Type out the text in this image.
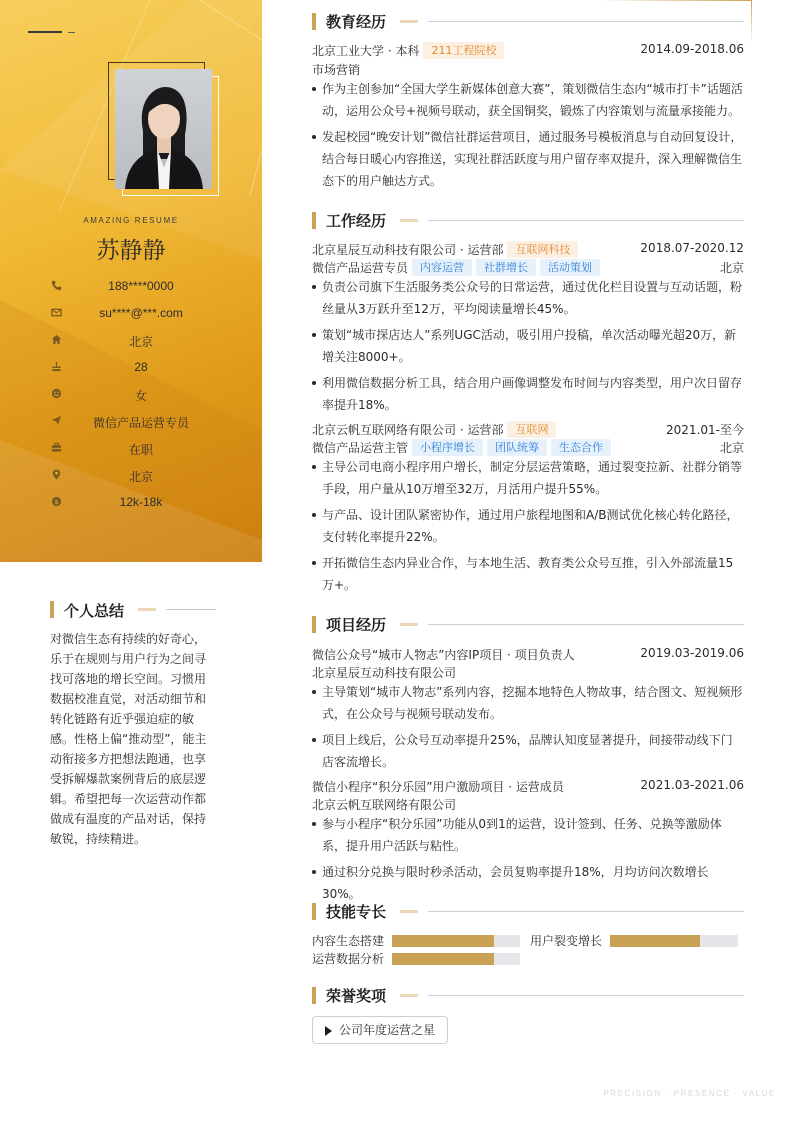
AMAZING RESUME
苏静静
188****0000
su****@***.com
北京
28
女
微信产品运营专员
在职
北京
$	12k-18k
个人总结
对微信生态有持续的好奇心，乐于在规则与用户行为之间寻找可落地的增长空间。习惯用数据校准直觉，对活动细节和转化链路有近乎强迫症的敏感。性格上偏“推动型”，能主动衔接多方把想法跑通，也享受拆解爆款案例背后的底层逻辑。希望把每一次运营动作都做成有温度的产品对话，保持敏锐，持续精进。
教育经历
北京工业大学 · 本科 211工程院校	2014.09-2018.06
市场营销
作为主创参加“全国大学生新媒体创意大赛”，策划微信生态内“城市打卡”话题活动，运用公众号+视频号联动，获全国铜奖，锻炼了内容策划与流量承接能力。
发起校园“晚安计划”微信社群运营项目，通过服务号模板消息与自动回复设计，结合每日暖心内容推送，实现社群活跃度与用户留存率双提升，深入理解微信生态下的用户触达方式。
工作经历
北京星辰互动科技有限公司 · 运营部 互联网科技	2018.07-2020.12
微信产品运营专员 内容运营 社群增长 活动策划	北京
负责公司旗下生活服务类公众号的日常运营，通过优化栏目设置与互动话题，粉丝量从3万跃升至12万，平均阅读量增长45%。
策划“城市探店达人”系列UGC活动，吸引用户投稿，单次活动曝光超20万，新增关注8000+。
利用微信数据分析工具，结合用户画像调整发布时间与内容类型，用户次日留存率提升18%。
北京云帆互联网络有限公司 · 运营部 互联网	2021.01-至今
微信产品运营主管 小程序增长 团队统筹 生态合作	北京
主导公司电商小程序用户增长，制定分层运营策略，通过裂变拉新、社群分销等手段，用户量从10万增至32万，月活用户提升55%。
与产品、设计团队紧密协作，通过用户旅程地图和A/B测试优化核心转化路径，支付转化率提升22%。
开拓微信生态内异业合作，与本地生活、教育类公众号互推，引入外部流量15万+。
项目经历
微信公众号“城市人物志”内容IP项目 · 项目负责人	2019.03-2019.06
北京星辰互动科技有限公司
主导策划“城市人物志”系列内容，挖掘本地特色人物故事，结合图文、短视频形式，在公众号与视频号联动发布。
项目上线后，公众号互动率提升25%，品牌认知度显著提升，间接带动线下门店客流增长。
微信小程序“积分乐园”用户激励项目 · 运营成员	2021.03-2021.06
北京云帆互联网络有限公司
参与小程序“积分乐园”功能从0到1的运营，设计签到、任务、兑换等激励体系，提升用户活跃与粘性。
通过积分兑换与限时秒杀活动，会员复购率提升18%，月均访问次数增长30%。
技能专长
内容生态搭建	用户裂变增长
运营数据分析
荣誉奖项
公司年度运营之星
PRECISION · PRESENCE · VALUE
